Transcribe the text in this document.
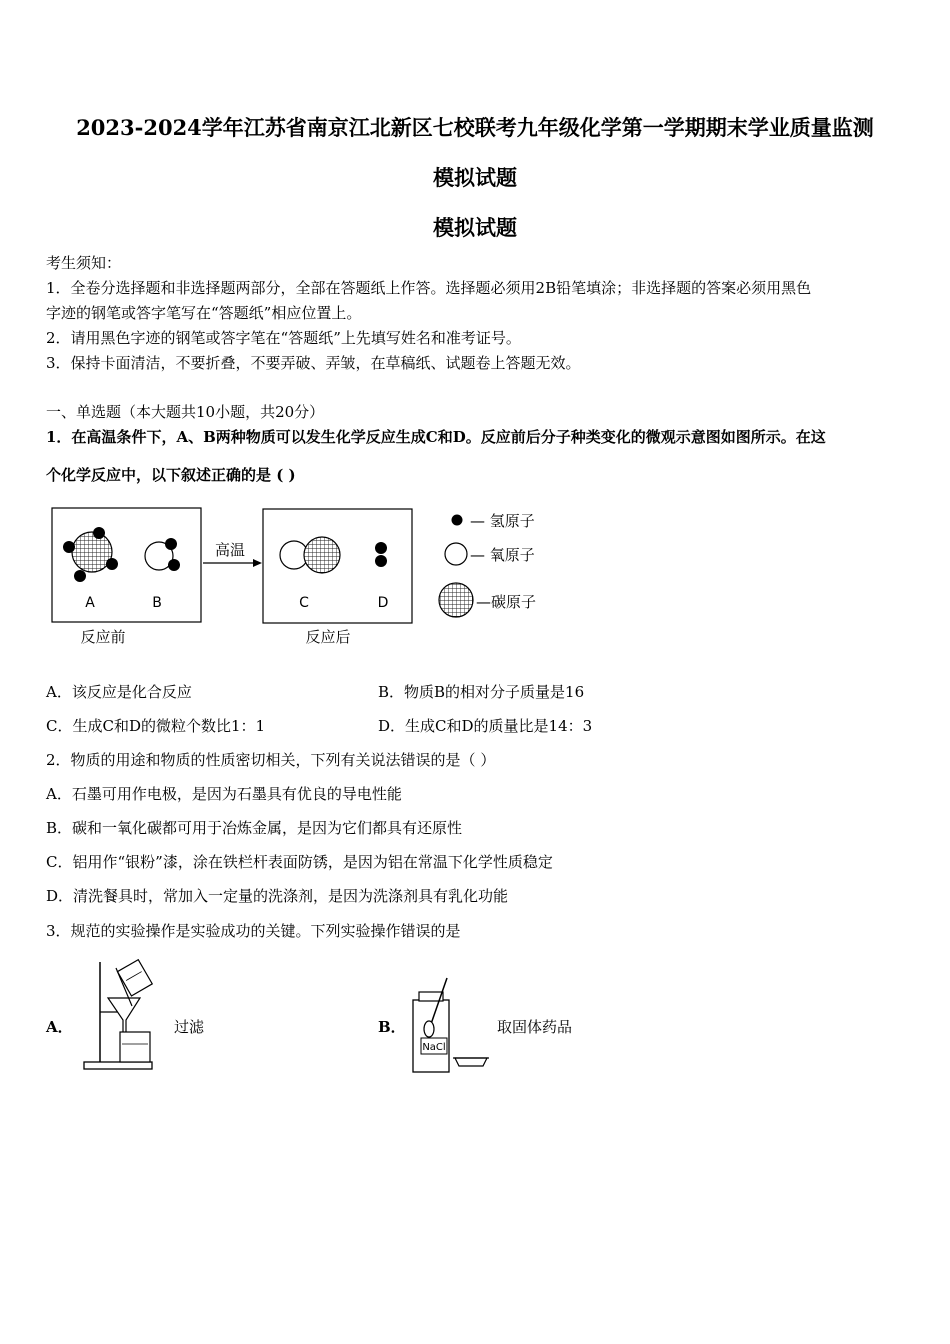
2023-2024学年江苏省南京江北新区七校联考九年级化学第一学期期末学业质量监测
模拟试题
模拟试题
考生须知：
1．全卷分选择题和非选择题两部分，全部在答题纸上作答。选择题必须用2B铅笔填涂；非选择题的答案必须用黑色
字迹的钢笔或答字笔写在“答题纸”相应位置上。
2．请用黑色字迹的钢笔或答字笔在“答题纸”上先填写姓名和准考证号。
3．保持卡面清洁，不要折叠，不要弄破、弄皱，在草稿纸、试题卷上答题无效。
一、单选题（本大题共10小题，共20分）
1．在高温条件下，A、B两种物质可以发生化学反应生成C和D。反应前后分子种类变化的微观示意图如图所示。在这
个化学反应中，以下叙述正确的是 ( )
A	B
高温
C	D
反应前	反应后
— 氢原子
— 氧原子
—碳原子
A．该反应是化合反应	B．物质B的相对分子质量是16
C．生成C和D的微粒个数比1：1	D．生成C和D的质量比是14：3
2．物质的用途和物质的性质密切相关，下列有关说法错误的是（ ）
A．石墨可用作电极，是因为石墨具有优良的导电性能
B．碳和一氧化碳都可用于冶炼金属，是因为它们都具有还原性
C．铝用作“银粉”漆，涂在铁栏杆表面防锈，是因为铝在常温下化学性质稳定
D．清洗餐具时，常加入一定量的洗涤剂，是因为洗涤剂具有乳化功能
3．规范的实验操作是实验成功的关键。下列实验操作错误的是
A．	过滤	B．	取固体药品
NaCl
